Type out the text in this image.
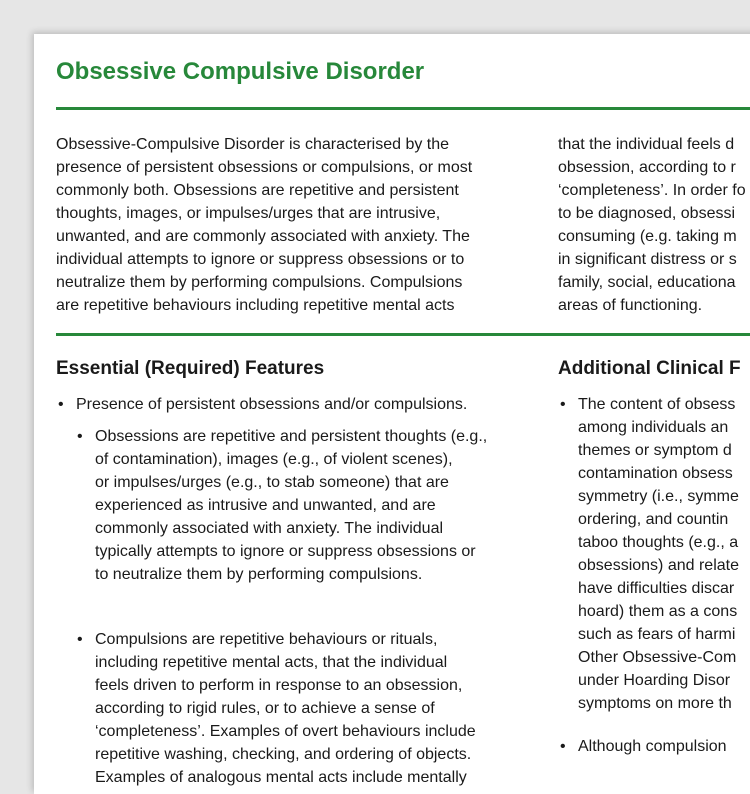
Obsessive Compulsive Disorder
Obsessive-Compulsive Disorder is characterised by the
presence of persistent obsessions or compulsions, or most
commonly both. Obsessions are repetitive and persistent
thoughts, images, or impulses/urges that are intrusive,
unwanted, and are commonly associated with anxiety. The
individual attempts to ignore or suppress obsessions or to
neutralize them by performing compulsions. Compulsions
are repetitive behaviours including repetitive mental acts
that the individual feels d
obsession, according to r
‘completeness’. In order fo
to be diagnosed, obsessi
consuming (e.g. taking m
in significant distress or s
family, social, educationa
areas of functioning.
Essential (Required) Features	Additional Clinical F
• Presence of persistent obsessions and/or compulsions.
• Obsessions are repetitive and persistent thoughts (e.g.,
of contamination), images (e.g., of violent scenes),
or impulses/urges (e.g., to stab someone) that are
experienced as intrusive and unwanted, and are
commonly associated with anxiety. The individual
typically attempts to ignore or suppress obsessions or
to neutralize them by performing compulsions.
• Compulsions are repetitive behaviours or rituals,
including repetitive mental acts, that the individual
feels driven to perform in response to an obsession,
according to rigid rules, or to achieve a sense of
‘completeness’. Examples of overt behaviours include
repetitive washing, checking, and ordering of objects.
Examples of analogous mental acts include mentally
• The content of obsess
among individuals an
themes or symptom d
contamination obsess
symmetry (i.e., symme
ordering, and countin
taboo thoughts (e.g., a
obsessions) and relate
have difficulties discar
hoard) them as a cons
such as fears of harmi
Other Obsessive-Com
under Hoarding Disor
symptoms on more th
• Although compulsion
